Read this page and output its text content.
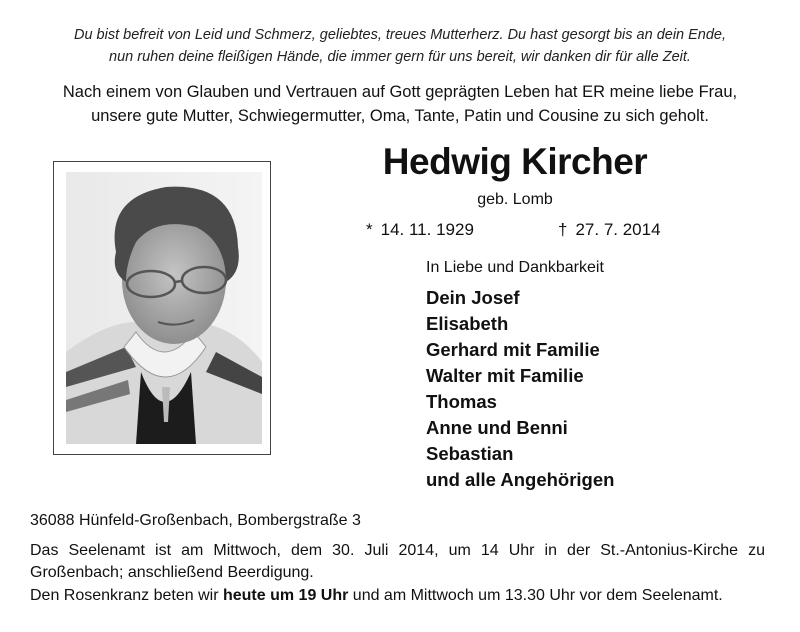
Du bist befreit von Leid und Schmerz, geliebtes, treues Mutterherz. Du hast gesorgt bis an dein Ende,
nun ruhen deine fleißigen Hände, die immer gern für uns bereit, wir danken dir für alle Zeit.
Nach einem von Glauben und Vertrauen auf Gott geprägten Leben hat ER meine liebe Frau,
unsere gute Mutter, Schwiegermutter, Oma, Tante, Patin und Cousine zu sich geholt.
Hedwig Kircher
geb. Lomb
* 14. 11. 1929	† 27. 7. 2014
In Liebe und Dankbarkeit
Dein Josef
Elisabeth
Gerhard mit Familie
Walter mit Familie
Thomas
Anne und Benni
Sebastian
und alle Angehörigen
36088 Hünfeld-Großenbach, Bombergstraße 3
Das Seelenamt ist am Mittwoch, dem 30. Juli 2014, um 14 Uhr in der St.-Antonius-Kirche zu Großenbach; anschließend Beerdigung.
Den Rosenkranz beten wir heute um 19 Uhr und am Mittwoch um 13.30 Uhr vor dem Seelenamt.
